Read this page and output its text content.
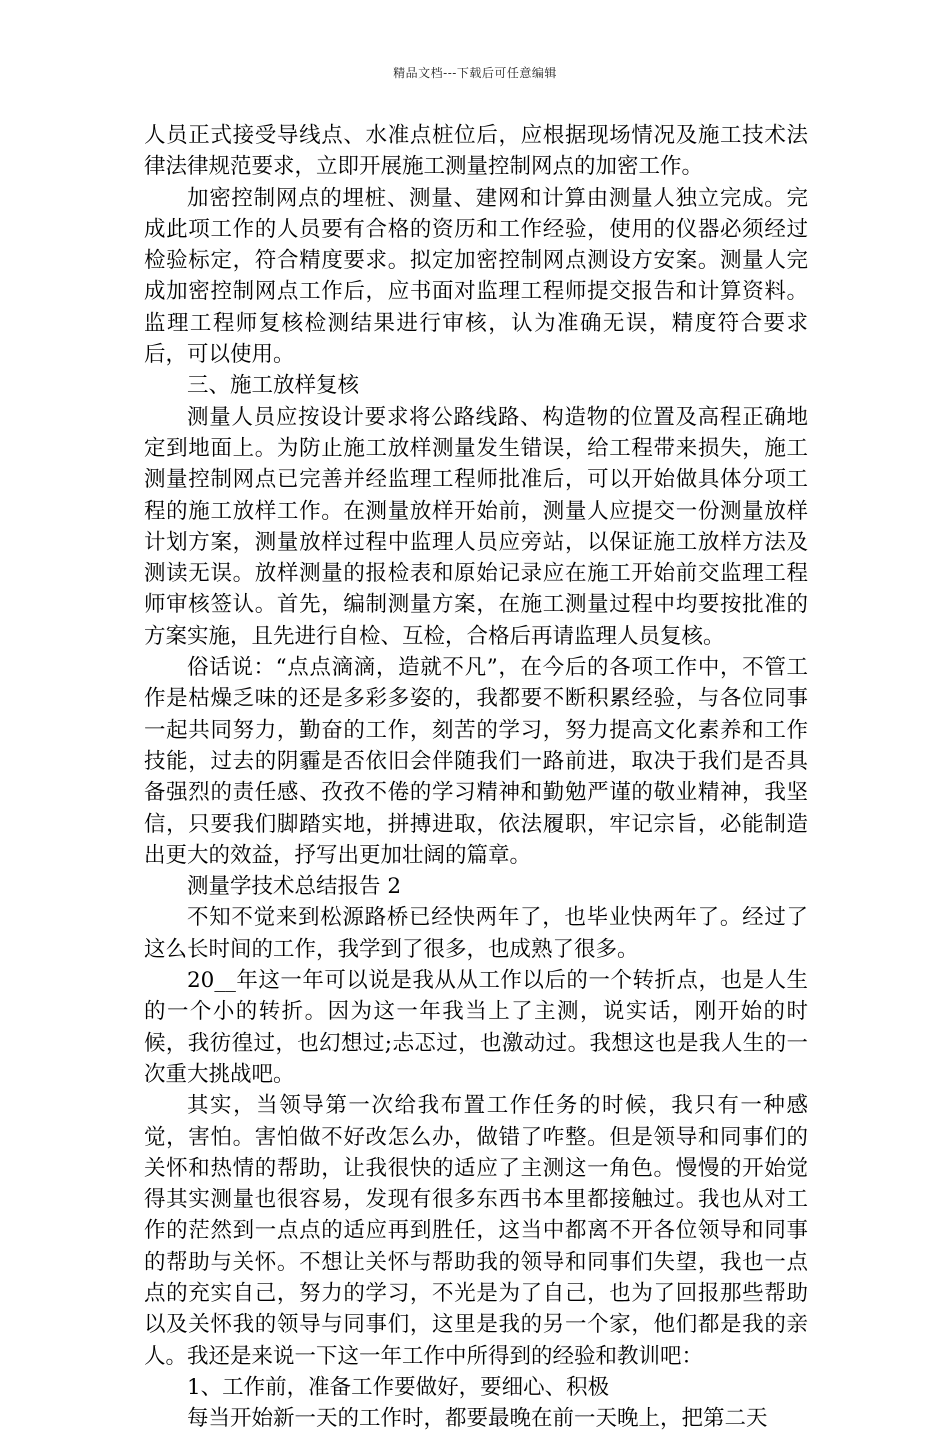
精品文档---下载后可任意编辑

人员正式接受导线点、水准点桩位后，应根据现场情况及施工技术法律法律规范要求，立即开展施工测量控制网点的加密工作。

加密控制网点的埋桩、测量、建网和计算由测量人独立完成。完成此项工作的人员要有合格的资历和工作经验，使用的仪器必须经过检验标定，符合精度要求。拟定加密控制网点测设方安案。测量人完成加密控制网点工作后，应书面对监理工程师提交报告和计算资料。监理工程师复核检测结果进行审核，认为准确无误，精度符合要求后，可以使用。

三、施工放样复核

测量人员应按设计要求将公路线路、构造物的位置及高程正确地定到地面上。为防止施工放样测量发生错误，给工程带来损失，施工测量控制网点已完善并经监理工程师批准后，可以开始做具体分项工程的施工放样工作。在测量放样开始前，测量人应提交一份测量放样计划方案，测量放样过程中监理人员应旁站，以保证施工放样方法及测读无误。放样测量的报检表和原始记录应在施工开始前交监理工程师审核签认。首先，编制测量方案，在施工测量过程中均要按批准的方案实施，且先进行自检、互检，合格后再请监理人员复核。

俗话说：“点点滴滴，造就不凡”，在今后的各项工作中，不管工作是枯燥乏味的还是多彩多姿的，我都要不断积累经验，与各位同事一起共同努力，勤奋的工作，刻苦的学习，努力提高文化素养和工作技能，过去的阴霾是否依旧会伴随我们一路前进，取决于我们是否具备强烈的责任感、孜孜不倦的学习精神和勤勉严谨的敬业精神，我坚信，只要我们脚踏实地，拼搏进取，依法履职，牢记宗旨，必能制造出更大的效益，抒写出更加壮阔的篇章。

测量学技术总结报告 2

不知不觉来到松源路桥已经快两年了，也毕业快两年了。经过了这么长时间的工作，我学到了很多，也成熟了很多。

20__年这一年可以说是我从从工作以后的一个转折点，也是人生的一个小的转折。因为这一年我当上了主测，说实话，刚开始的时候，我彷徨过，也幻想过;忐忑过，也激动过。我想这也是我人生的一次重大挑战吧。

其实，当领导第一次给我布置工作任务的时候，我只有一种感觉，害怕。害怕做不好改怎么办，做错了咋整。但是领导和同事们的关怀和热情的帮助，让我很快的适应了主测这一角色。慢慢的开始觉得其实测量也很容易，发现有很多东西书本里都接触过。我也从对工作的茫然到一点点的适应再到胜任，这当中都离不开各位领导和同事的帮助与关怀。不想让关怀与帮助我的领导和同事们失望，我也一点点的充实自己，努力的学习，不光是为了自己，也为了回报那些帮助以及关怀我的领导与同事们，这里是我的另一个家，他们都是我的亲人。我还是来说一下这一年工作中所得到的经验和教训吧：

1、工作前，准备工作要做好，要细心、积极

每当开始新一天的工作时，都要最晚在前一天晚上，把第二天
